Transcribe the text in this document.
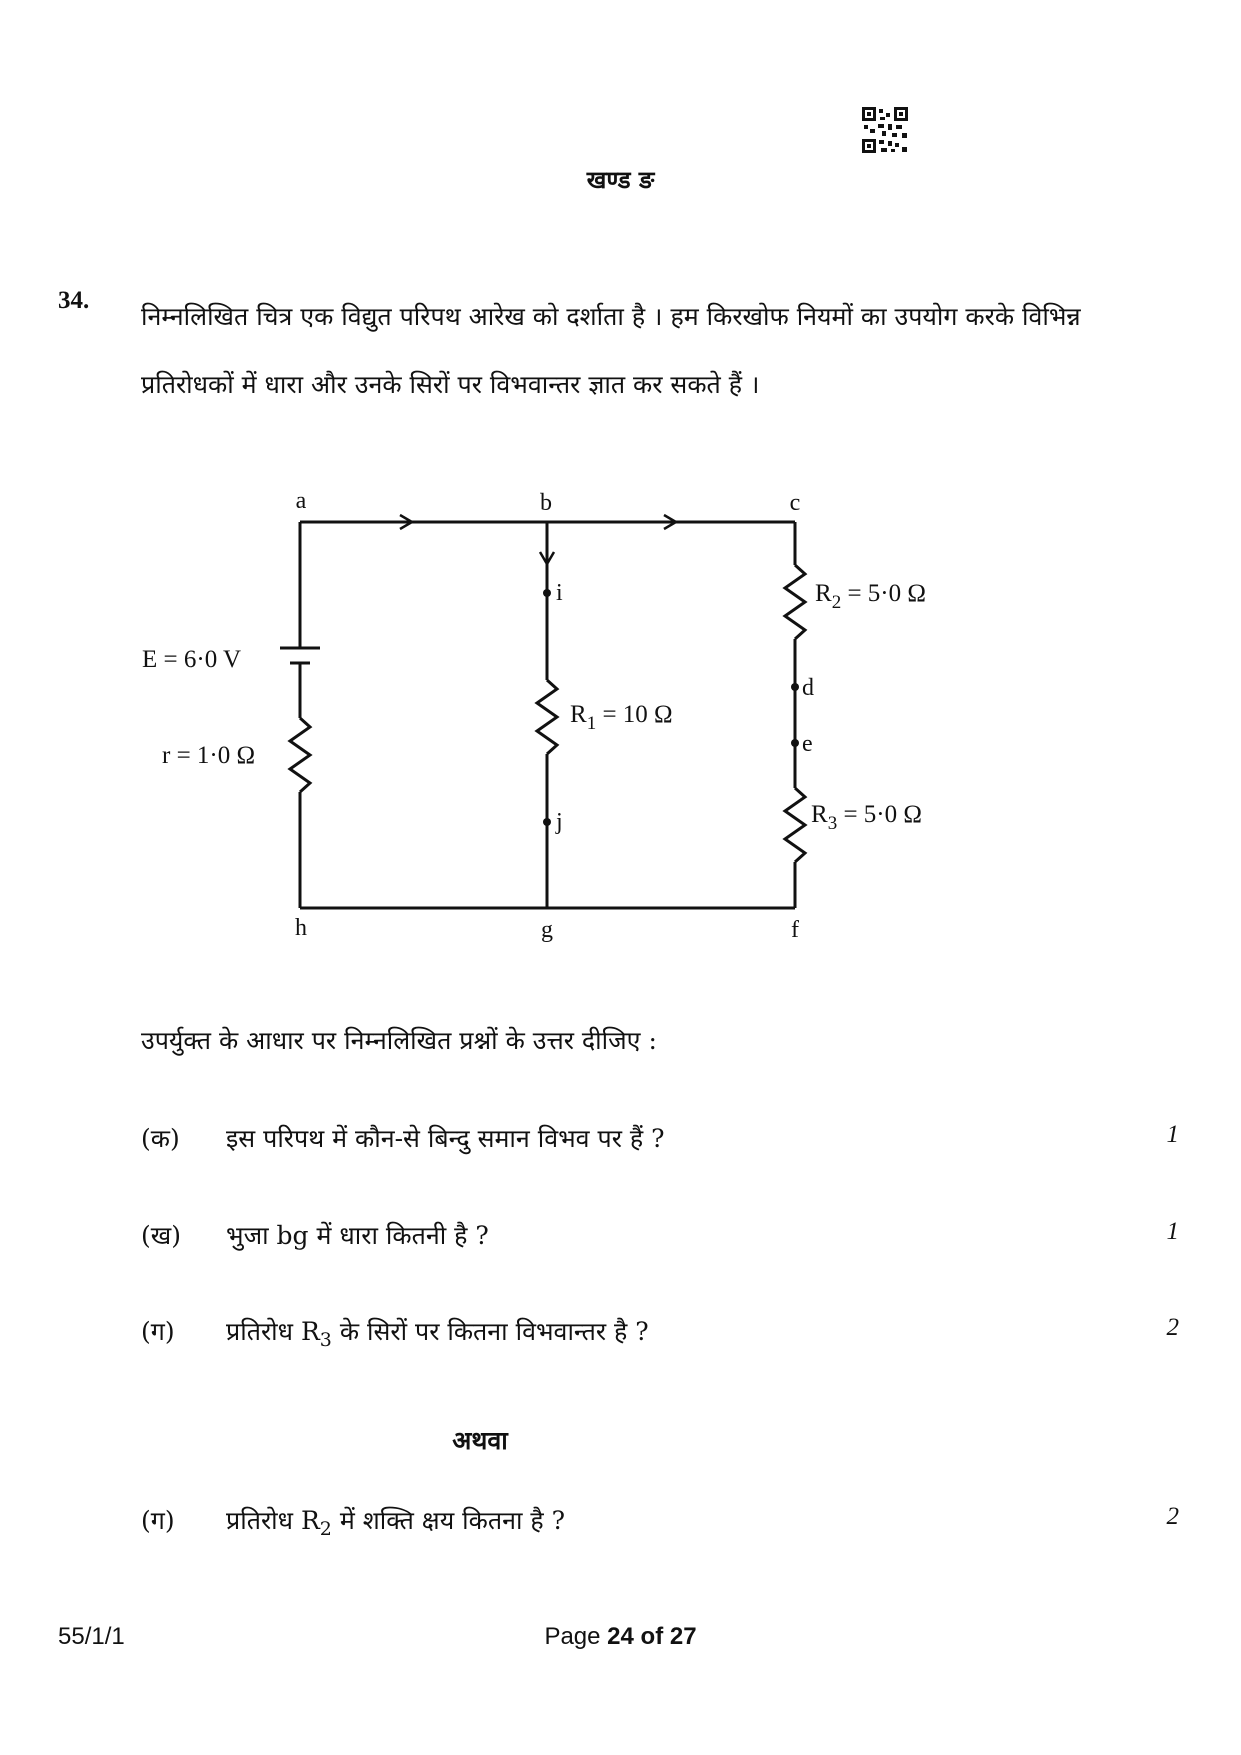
खण्ड ङ
34.
निम्नलिखित चित्र एक विद्युत परिपथ आरेख को दर्शाता है । हम किरखोफ नियमों का उपयोग करके विभिन्न प्रतिरोधकों में धारा और उनके सिरों पर विभवान्तर ज्ञात कर सकते हैं ।
a	b	c
i
d
e
j
h	g	f
E = 6·0 V
r = 1·0 Ω
$R_1 = 10$ Ω
$R_2 = 5\cdot 0$ Ω
$R_3 = 5\cdot 0$ Ω
उपर्युक्त के आधार पर निम्नलिखित प्रश्नों के उत्तर दीजिए :
(क) इस परिपथ में कौन-से बिन्दु समान विभव पर हैं ?	1
(ख) भुजा bg में धारा कितनी है ?	1
(ग) प्रतिरोध $R_3$ के सिरों पर कितना विभवान्तर है ?	2
अथवा
(ग) प्रतिरोध $R_2$ में शक्ति क्षय कितना है ?	2
55/1/1	Page 24 of 27
